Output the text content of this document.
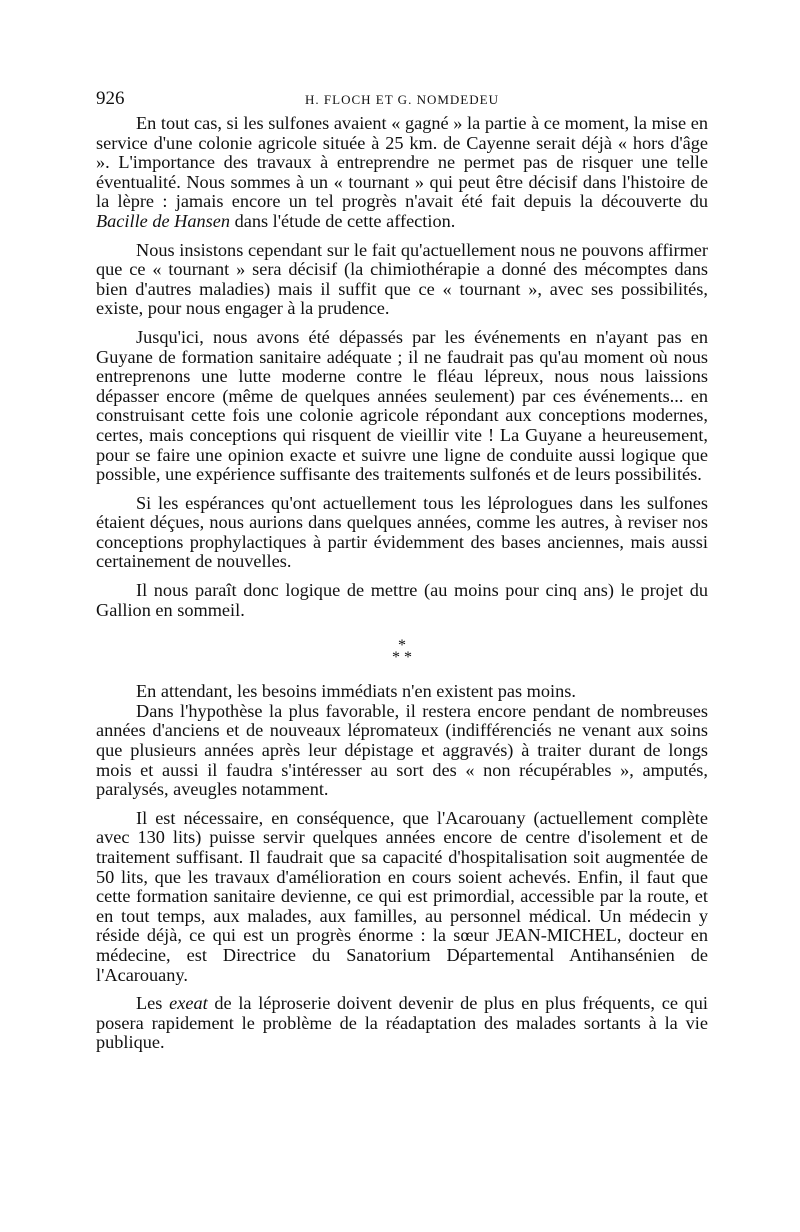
926	H. FLOCH ET G. NOMDEDEU

En tout cas, si les sulfones avaient « gagné » la partie à ce moment, la mise en service d'une colonie agricole située à 25 km. de Cayenne serait déjà « hors d'âge ». L'importance des travaux à entreprendre ne permet pas de risquer une telle éventualité. Nous sommes à un « tournant » qui peut être décisif dans l'histoire de la lèpre : jamais encore un tel progrès n'avait été fait depuis la découverte du Bacille de Hansen dans l'étude de cette affection.

Nous insistons cependant sur le fait qu'actuellement nous ne pouvons affirmer que ce « tournant » sera décisif (la chimiothérapie a donné des mécomptes dans bien d'autres maladies) mais il suffit que ce « tournant », avec ses possibilités, existe, pour nous engager à la prudence.

Jusqu'ici, nous avons été dépassés par les événements en n'ayant pas en Guyane de formation sanitaire adéquate ; il ne faudrait pas qu'au moment où nous entreprenons une lutte moderne contre le fléau lépreux, nous nous laissions dépasser encore (même de quelques années seulement) par ces événements... en construisant cette fois une colonie agricole répondant aux conceptions modernes, certes, mais conceptions qui risquent de vieillir vite ! La Guyane a heureusement, pour se faire une opinion exacte et suivre une ligne de conduite aussi logique que possible, une expérience suffisante des traitements sulfonés et de leurs possibilités.

Si les espérances qu'ont actuellement tous les léprologues dans les sulfones étaient déçues, nous aurions dans quelques années, comme les autres, à reviser nos conceptions prophylactiques à partir évidemment des bases anciennes, mais aussi certainement de nouvelles.

Il nous paraît donc logique de mettre (au moins pour cinq ans) le projet du Gallion en sommeil.

*
* *

En attendant, les besoins immédiats n'en existent pas moins.

Dans l'hypothèse la plus favorable, il restera encore pendant de nombreuses années d'anciens et de nouveaux lépromateux (indifférenciés ne venant aux soins que plusieurs années après leur dépistage et aggravés) à traiter durant de longs mois et aussi il faudra s'intéresser au sort des « non récupérables », amputés, paralysés, aveugles notamment.

Il est nécessaire, en conséquence, que l'Acarouany (actuellement complète avec 130 lits) puisse servir quelques années encore de centre d'isolement et de traitement suffisant. Il faudrait que sa capacité d'hospitalisation soit augmentée de 50 lits, que les travaux d'amélioration en cours soient achevés. Enfin, il faut que cette formation sanitaire devienne, ce qui est primordial, accessible par la route, et en tout temps, aux malades, aux familles, au personnel médical. Un médecin y réside déjà, ce qui est un progrès énorme : la sœur JEAN-MICHEL, docteur en médecine, est Directrice du Sanatorium Départemental Antihansénien de l'Acarouany.

Les exeat de la léproserie doivent devenir de plus en plus fréquents, ce qui posera rapidement le problème de la réadaptation des malades sortants à la vie publique.
